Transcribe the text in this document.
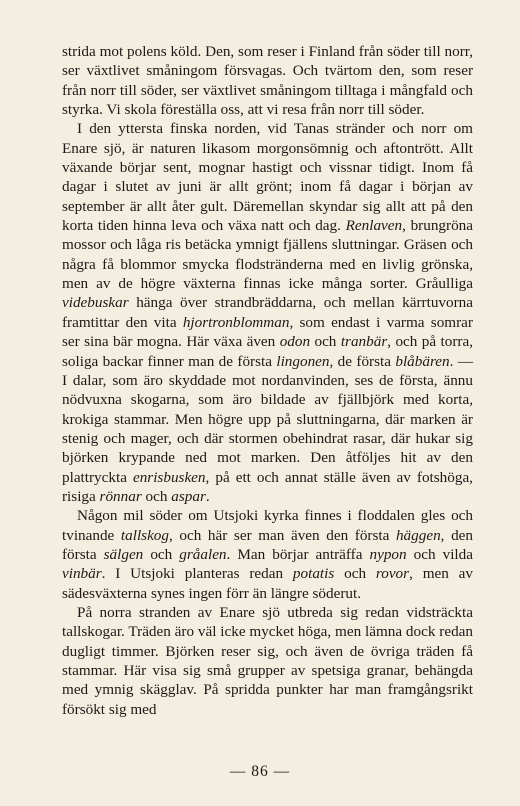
strida mot polens köld. Den, som reser i Finland från söder till norr, ser växtlivet småningom försvagas. Och tvärtom den, som reser från norr till söder, ser växtlivet småningom tilltaga i mångfald och styrka. Vi skola föreställa oss, att vi resa från norr till söder.

I den yttersta finska norden, vid Tanas stränder och norr om Enare sjö, är naturen likasom morgonsömnig och aftontrött. Allt växande börjar sent, mognar hastigt och vissnar tidigt. Inom få dagar i slutet av juni är allt grönt; inom få dagar i början av september är allt åter gult. Däremellan skyndar sig allt att på den korta tiden hinna leva och växa natt och dag. Renlaven, brungröna mossor och låga ris betäcka ymnigt fjällens sluttningar. Gräsen och några få blommor smycka flodstränderna med en livlig grönska, men av de högre växterna finnas icke många sorter. Gråulliga videbuskar hänga över strandbräddarna, och mellan kärrtuvorna framtittar den vita hjortronblomman, som endast i varma somrar ser sina bär mogna. Här växa även odon och tranbär, och på torra, soliga backar finner man de första lingonen, de första blåbären. — I dalar, som äro skyddade mot nordanvinden, ses de första, ännu nödvuxna skogarna, som äro bildade av fjällbjörk med korta, krokiga stammar. Men högre upp på sluttningarna, där marken är stenig och mager, och där stormen obehindrat rasar, där hukar sig björken krypande ned mot marken. Den åtföljes hit av den plattryckta enrisbusken, på ett och annat ställe även av fotshöga, risiga rönnar och aspar.

Någon mil söder om Utsjoki kyrka finnes i floddalen gles och tvinande tallskog, och här ser man även den första häggen, den första sälgen och gråalen. Man börjar anträffa nypon och vilda vinbär. I Utsjoki planteras redan potatis och rovor, men av sädesväxterna synes ingen förr än längre söderut.

På norra stranden av Enare sjö utbreda sig redan vidsträckta tallskogar. Träden äro väl icke mycket höga, men lämna dock redan dugligt timmer. Björken reser sig, och även de övriga träden få stammar. Här visa sig små grupper av spetsiga granar, behängda med ymnig skägglav. På spridda punkter har man framgångsrikt försökt sig med

— 86 —
